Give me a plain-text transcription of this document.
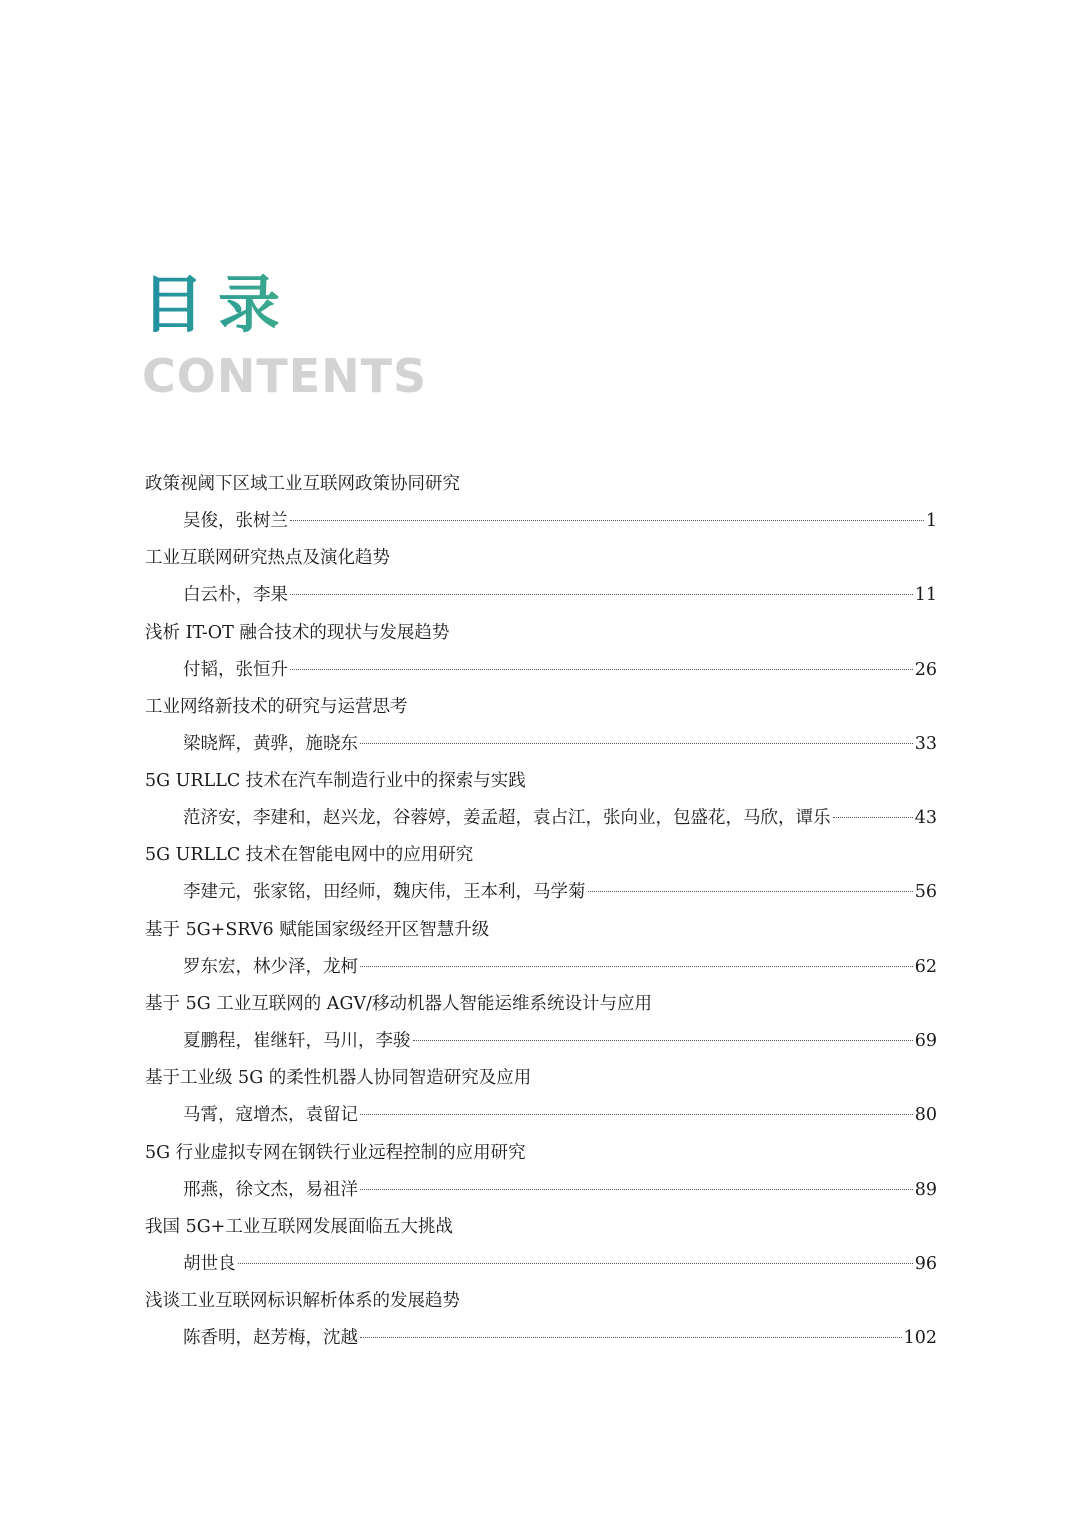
目录
CONTENTS
政策视阈下区域工业互联网政策协同研究
吴俊，张树兰	1
工业互联网研究热点及演化趋势
白云朴，李果	11
浅析 IT-OT 融合技术的现状与发展趋势
付韬，张恒升	26
工业网络新技术的研究与运营思考
梁晓辉，黄骅，施晓东	33
5G URLLC 技术在汽车制造行业中的探索与实践
范济安，李建和，赵兴龙，谷蓉婷，姜孟超，袁占江，张向业，包盛花，马欣，谭乐	43
5G URLLC 技术在智能电网中的应用研究
李建元，张家铭，田经师，魏庆伟，王本利，马学菊	56
基于 5G+SRV6 赋能国家级经开区智慧升级
罗东宏，林少泽，龙柯	62
基于 5G 工业互联网的 AGV/移动机器人智能运维系统设计与应用
夏鹏程，崔继轩，马川，李骏	69
基于工业级 5G 的柔性机器人协同智造研究及应用
马霄，寇增杰，袁留记	80
5G 行业虚拟专网在钢铁行业远程控制的应用研究
邢燕，徐文杰，易祖洋	89
我国 5G+工业互联网发展面临五大挑战
胡世良	96
浅谈工业互联网标识解析体系的发展趋势
陈香明，赵芳梅，沈越	102
